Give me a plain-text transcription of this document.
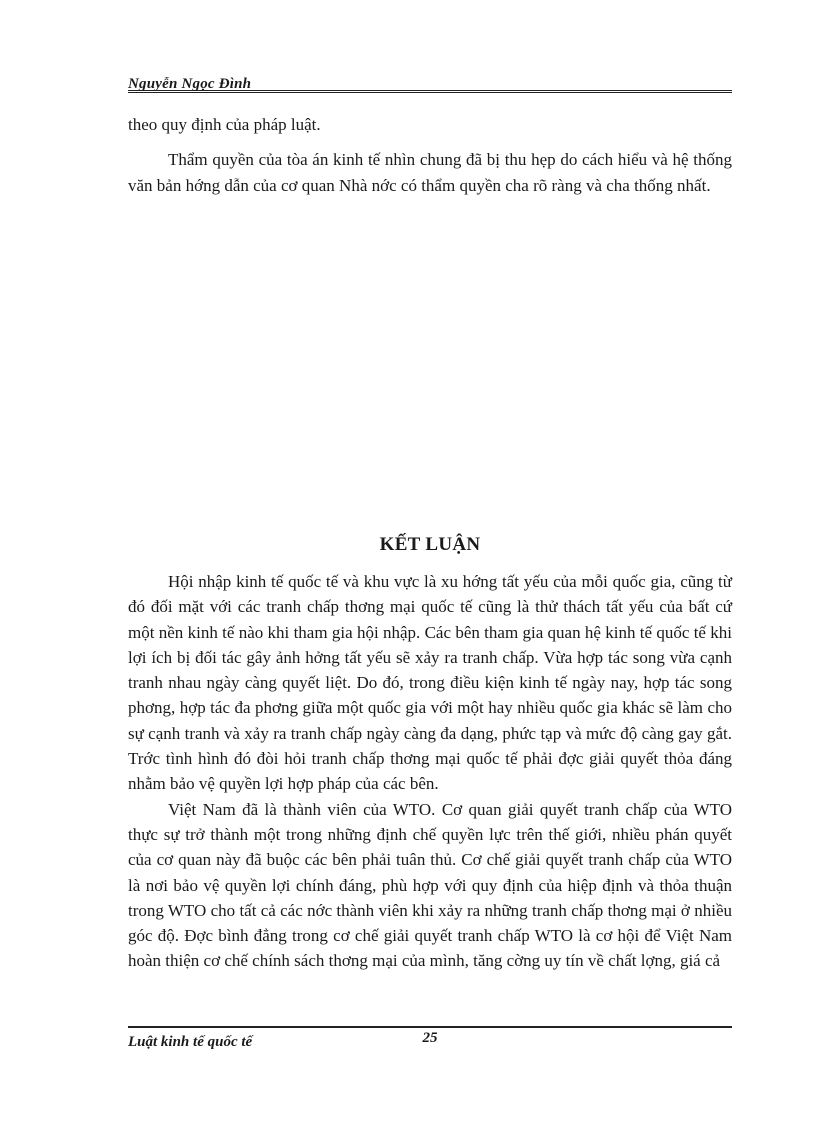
Nguyễn Ngọc Đình

theo quy định của pháp luật.

Thẩm quyền của tòa án kinh tế nhìn chung đã bị thu hẹp do cách hiểu và hệ thống văn bản hớng dẫn của cơ quan Nhà nớc có thẩm quyền cha rõ ràng và cha thống nhất.

KẾT LUẬN

Hội nhập kinh tế quốc tế và khu vực là xu hớng tất yếu của mỗi quốc gia, cũng từ đó đối mặt với các tranh chấp thơng mại quốc tế cũng là thử thách tất yếu của bất cứ một nền kinh tế nào khi tham gia hội nhập. Các bên tham gia quan hệ kinh tế quốc tế khi lợi ích bị đối tác gây ảnh hởng tất yếu sẽ xảy ra tranh chấp. Vừa hợp tác song vừa cạnh tranh nhau ngày càng quyết liệt. Do đó, trong điều kiện kinh tế ngày nay, hợp tác song phơng, hợp tác đa phơng giữa một quốc gia với một hay nhiều quốc gia khác sẽ làm cho sự cạnh tranh và xảy ra tranh chấp ngày càng đa dạng, phức tạp và mức độ càng gay gắt. Trớc tình hình đó đòi hỏi tranh chấp thơng mại quốc tế phải đợc giải quyết thỏa đáng nhằm bảo vệ quyền lợi hợp pháp của các bên.

Việt Nam đã là thành viên của WTO. Cơ quan giải quyết tranh chấp của WTO thực sự trở thành một trong những định chế quyền lực trên thế giới, nhiều phán quyết của cơ quan này đã buộc các bên phải tuân thủ. Cơ chế giải quyết tranh chấp của WTO là nơi bảo vệ quyền lợi chính đáng, phù hợp với quy định của hiệp định và thỏa thuận trong WTO cho tất cả các nớc thành viên khi xảy ra những tranh chấp thơng mại ở nhiều góc độ. Đợc bình đẳng trong cơ chế giải quyết tranh chấp WTO là cơ hội để Việt Nam hoàn thiện cơ chế chính sách thơng mại của mình, tăng cờng uy tín về chất lợng, giá cả

Luật kinh tế quốc tế	25
